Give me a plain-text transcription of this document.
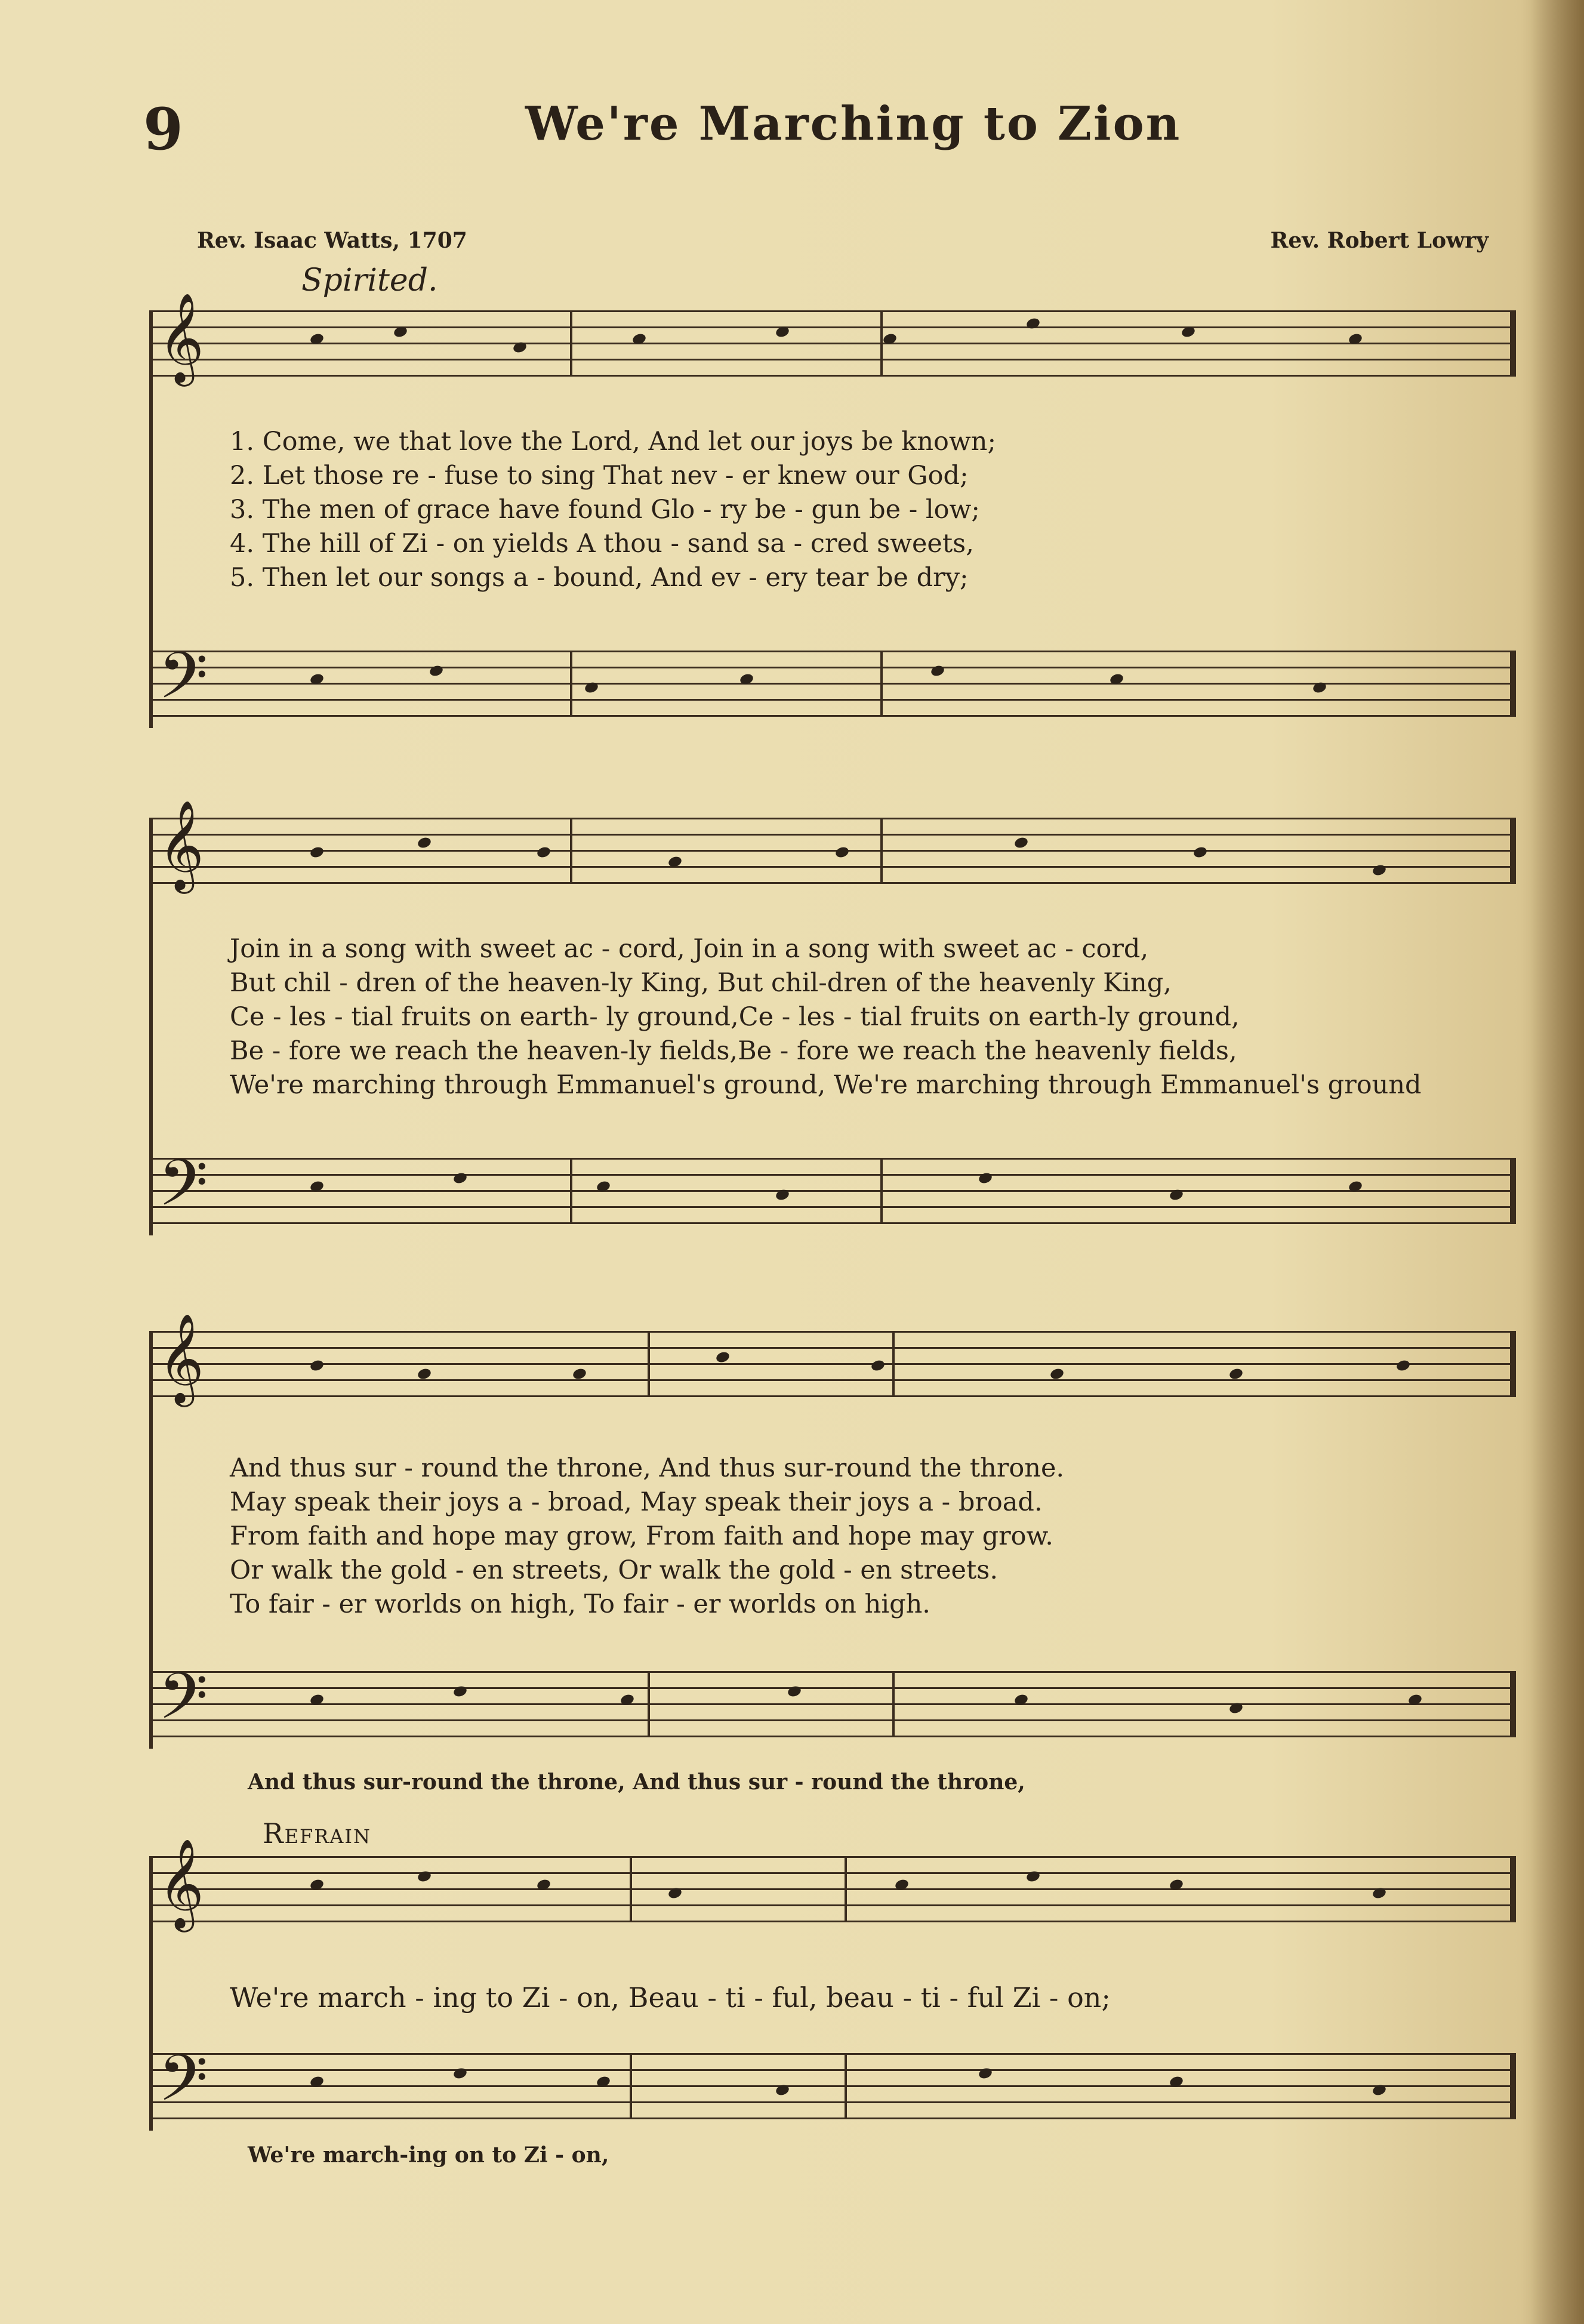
9	We're Marching to Zion
Rev. Isaac Watts, 1707	Rev. Robert Lowry
Spirited.
𝄞
𝄢
1. Come, we that love the Lord, And let our joys be known;
2. Let those re - fuse to sing That nev - er knew our God;
3. The men of grace have found Glo - ry be - gun be - low;
4. The hill of Zi - on yields A thou - sand sa - cred sweets,
5. Then let our songs a - bound, And ev - ery tear be dry;
𝄞
𝄢
Join in a song with sweet ac - cord, Join in a song with sweet ac - cord,
But chil - dren of the heaven-ly King, But chil-dren of the heavenly King,
Ce - les - tial fruits on earth- ly ground,Ce - les - tial fruits on earth-ly ground,
Be - fore we reach the heaven-ly fields,Be - fore we reach the heavenly fields,
We're marching through Emmanuel's ground, We're marching through Emmanuel's ground
𝄞
𝄢
And thus sur - round the throne, And thus sur-round the throne.
May speak their joys a - broad, May speak their joys a - broad.
From faith and hope may grow, From faith and hope may grow.
Or walk the gold - en streets, Or walk the gold - en streets.
To fair - er worlds on high, To fair - er worlds on high.
And thus sur-round the throne, And thus sur - round the throne,
Refrain
𝄞
𝄢
We're march - ing to Zi - on, Beau - ti - ful, beau - ti - ful Zi - on;
We're march-ing on to Zi - on,
